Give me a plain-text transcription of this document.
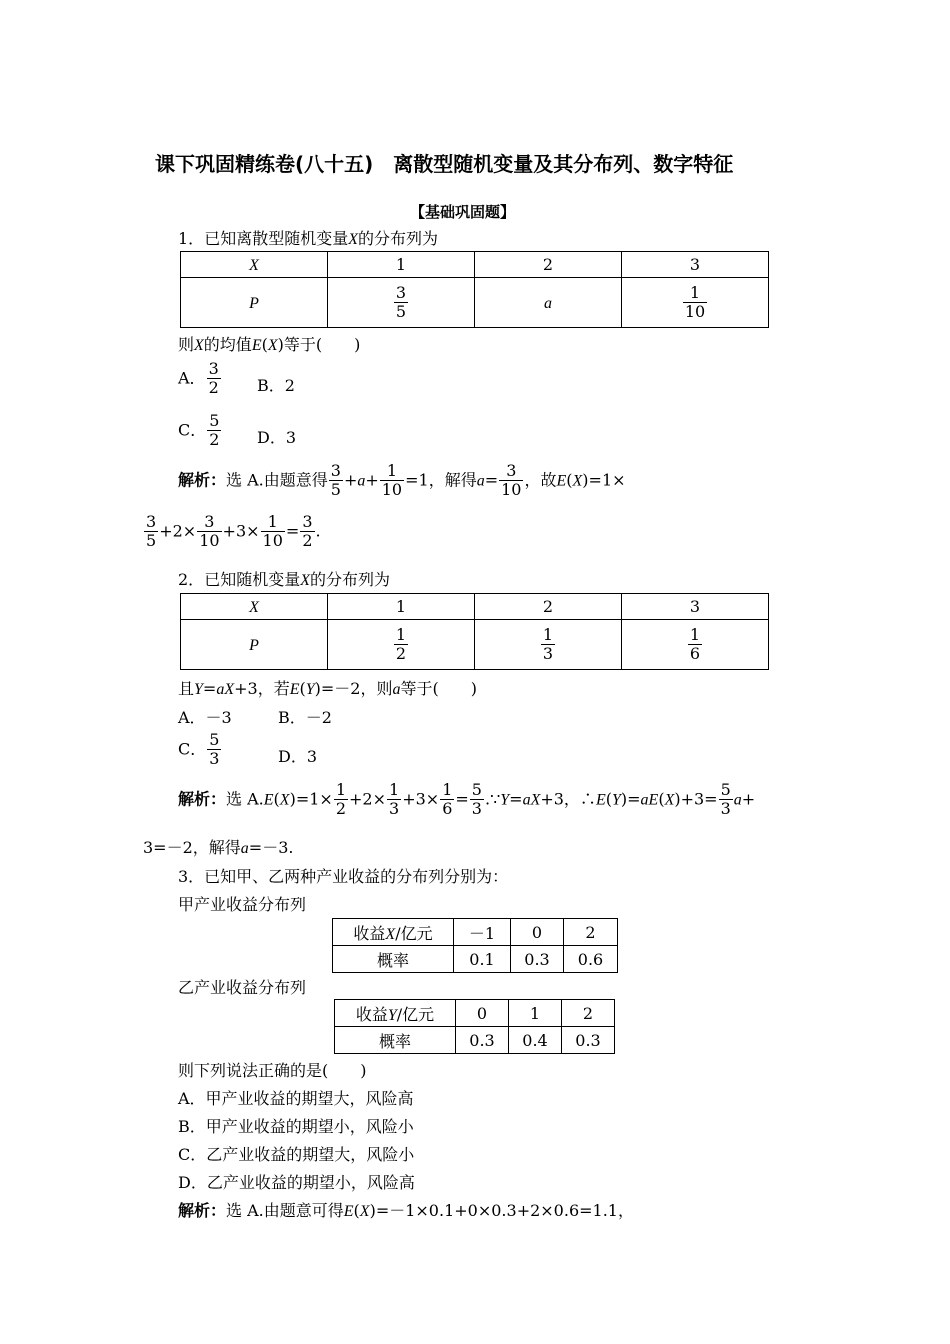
课下巩固精练卷(八十五)　离散型随机变量及其分布列、数字特征
【基础巩固题】
1．已知离散型随机变量X的分布列为
X	1	2	3
P	$\frac{3}{5}$	a	$\frac{1}{10}$
则X的均值E(X)等于(　　)
A． $\frac{3}{2}$ B．2
C． $\frac{5}{2}$ D．3
解析：选 A.由题意得 $\frac{3}{5} +a+ \frac{1}{10} =1$，解得$a= \frac{3}{10}$ ，故E(X)=1×
$\frac{3}{5} +2\times \frac{3}{10} +3\times \frac{1}{10} = \frac{3}{2}$ .
2．已知随机变量X的分布列为
X	1	2	3
P	$\frac{1}{2}$	$\frac{1}{3}$	$\frac{1}{6}$
且Y=aX+3，若E(Y)=－2，则a等于(　　)
A．－3	B．－2
C． $\frac{5}{3}$	D．3
解析：选 $A.E(X)=1\times \frac{1}{2} +2\times \frac{1}{3} +3\times \frac{1}{6} = \frac{5}{3}$ .∵Y=aX+3，∴E(Y)=aE(X)+3= $\frac{5}{3} a+$
3=－2，解得a=－3.
3．已知甲、乙两种产业收益的分布列分别为：
甲产业收益分布列
收益X/亿元	－1	0	2
概率	0.1	0.3	0.6
乙产业收益分布列
收益Y/亿元	0	1	2
概率	0.3	0.4	0.3
则下列说法正确的是(　　)
A．甲产业收益的期望大，风险高
B．甲产业收益的期望小，风险小
C．乙产业收益的期望大，风险小
D．乙产业收益的期望小，风险高
解析：选 A.由题意可得E(X)=－1×0.1+0×0.3+2×0.6=1.1，
